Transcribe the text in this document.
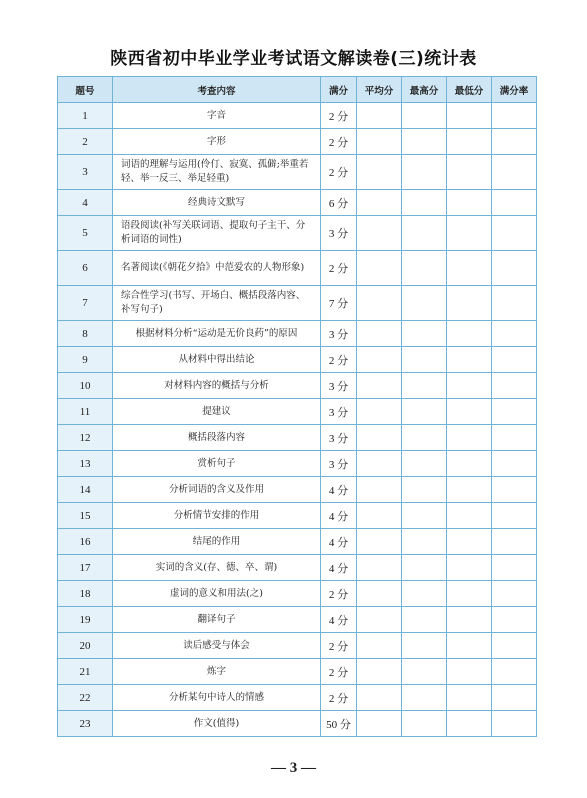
陕西省初中毕业学业考试语文解读卷(三)统计表
题号	考查内容	满分	平均分	最高分	最低分	满分率
1	字音	2 分				
2	字形	2 分				
3	词语的理解与运用(伶仃、寂寞、孤僻;举重若轻、举一反三、举足轻重)	2 分				
4	经典诗文默写	6 分				
5	语段阅读(补写关联词语、提取句子主干、分析词语的词性)	3 分				
6	名著阅读(《朝花夕拾》中范爱农的人物形象)	2 分				
7	综合性学习(书写、开场白、概括段落内容、补写句子)	7 分				
8	根据材料分析“运动是无价良药”的原因	3 分				
9	从材料中得出结论	2 分				
10	对材料内容的概括与分析	3 分				
11	提建议	3 分				
12	概括段落内容	3 分				
13	赏析句子	3 分				
14	分析词语的含义及作用	4 分				
15	分析情节安排的作用	4 分				
16	结尾的作用	4 分				
17	实词的含义(存、德、卒、谓)	4 分				
18	虚词的意义和用法(之)	2 分				
19	翻译句子	4 分				
20	读后感受与体会	2 分				
21	炼字	2 分				
22	分析某句中诗人的情感	2 分				
23	作文(值得)	50 分				
— 3 —
